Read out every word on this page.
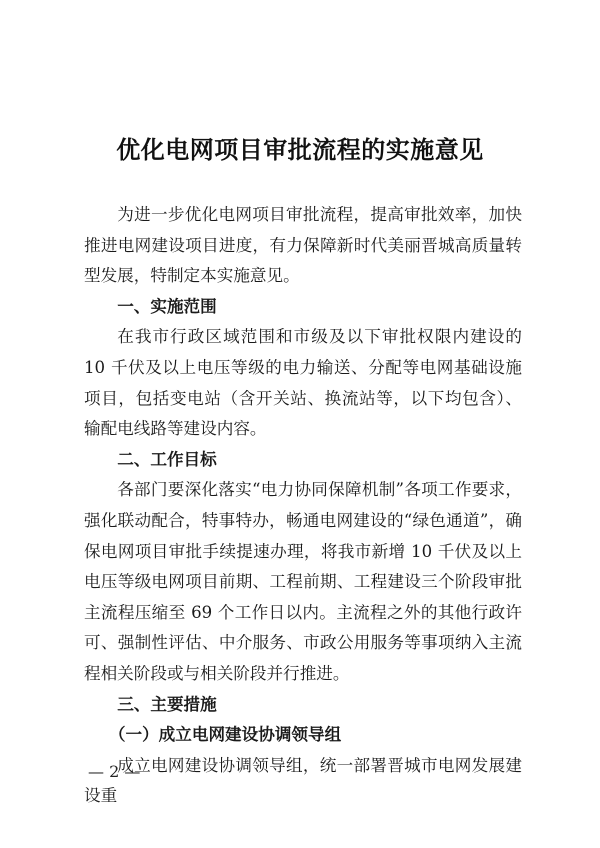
优化电网项目审批流程的实施意见

为进一步优化电网项目审批流程，提高审批效率，加快推进电网建设项目进度，有力保障新时代美丽晋城高质量转型发展，特制定本实施意见。

一、实施范围

在我市行政区域范围和市级及以下审批权限内建设的 10 千伏及以上电压等级的电力输送、分配等电网基础设施项目，包括变电站（含开关站、换流站等，以下均包含）、输配电线路等建设内容。

二、工作目标

各部门要深化落实“电力协同保障机制”各项工作要求，强化联动配合，特事特办，畅通电网建设的“绿色通道”，确保电网项目审批手续提速办理，将我市新增 10 千伏及以上电压等级电网项目前期、工程前期、工程建设三个阶段审批主流程压缩至 69 个工作日以内。主流程之外的其他行政许可、强制性评估、中介服务、市政公用服务等事项纳入主流程相关阶段或与相关阶段并行推进。

三、主要措施

（一）成立电网建设协调领导组

成立电网建设协调领导组，统一部署晋城市电网发展建设重

— 2 —
